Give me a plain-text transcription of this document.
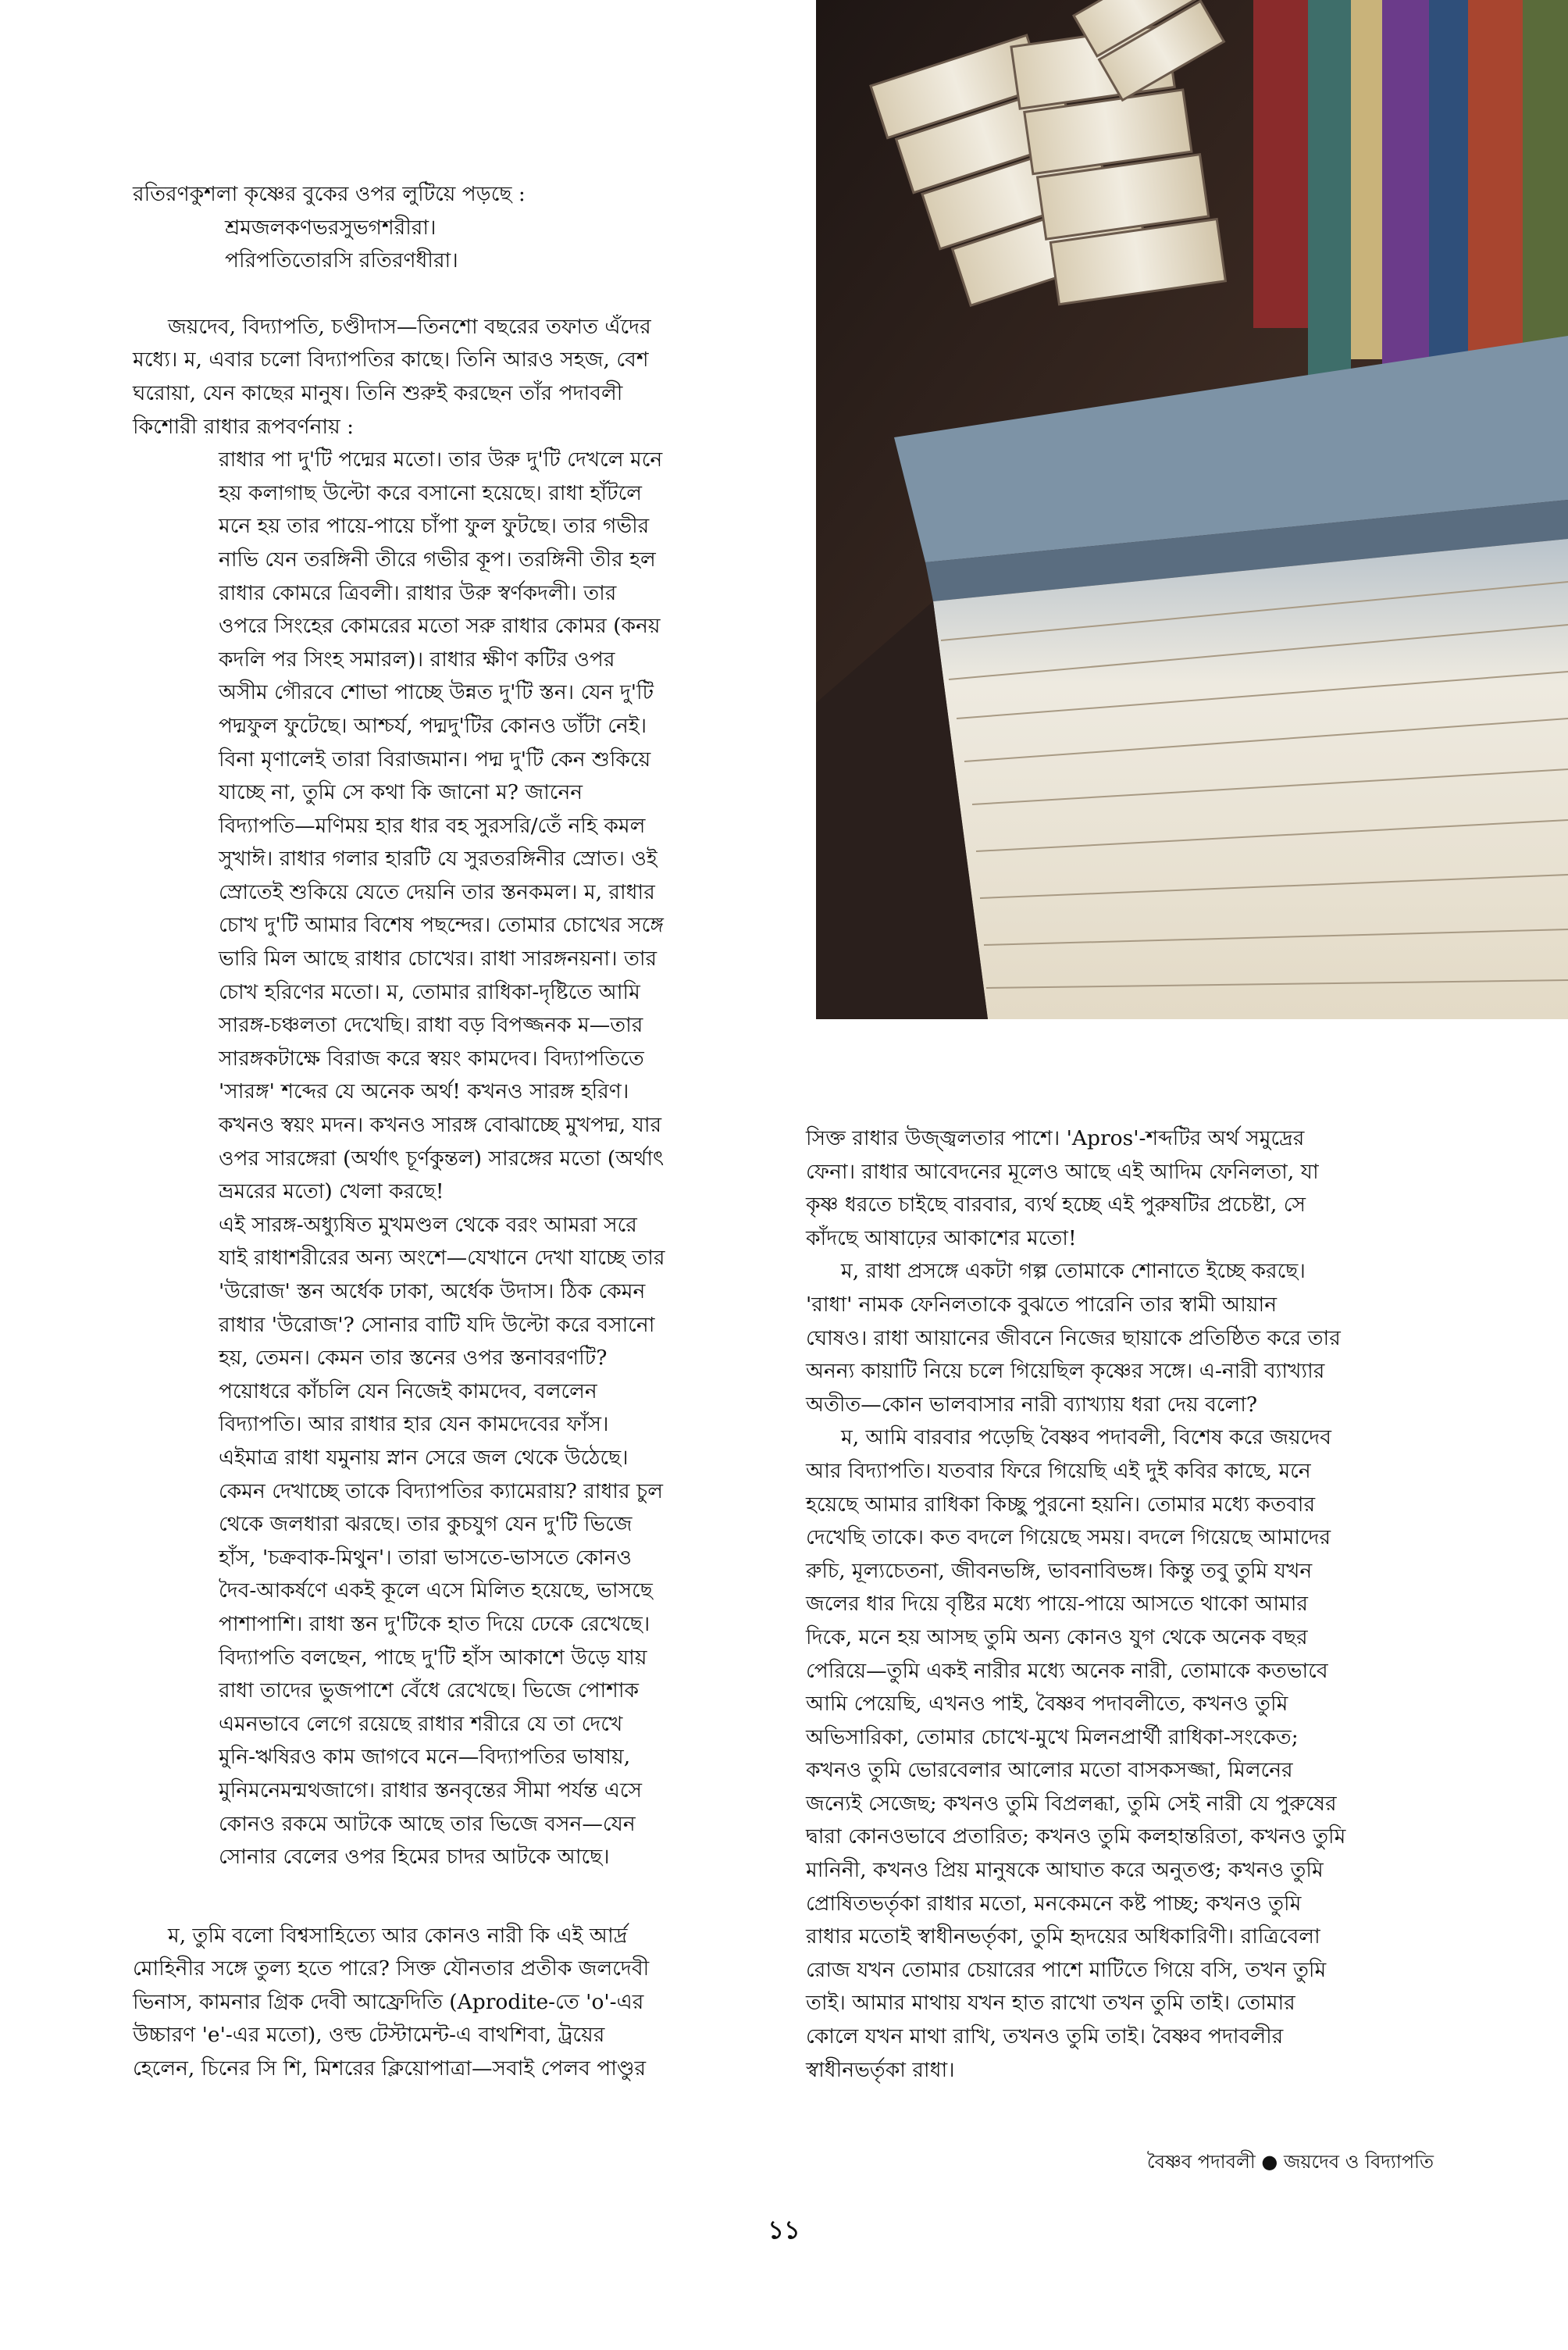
রতিরণকুশলা কৃষ্ণের বুকের ওপর লুটিয়ে পড়ছে :

শ্রমজলকণভরসুভগশরীরা।

পরিপতিতোরসি রতিরণধীরা।

জয়দেব, বিদ্যাপতি, চণ্ডীদাস—তিনশো বছরের তফাত এঁদের

মধ্যে। ম, এবার চলো বিদ্যাপতির কাছে। তিনি আরও সহজ, বেশ

ঘরোয়া, যেন কাছের মানুষ। তিনি শুরুই করছেন তাঁর পদাবলী

কিশোরী রাধার রূপবর্ণনায় :

রাধার পা দু'টি পদ্মের মতো। তার উরু দু'টি দেখলে মনে

হয় কলাগাছ উল্টো করে বসানো হয়েছে। রাধা হাঁটলে

মনে হয় তার পায়ে-পায়ে চাঁপা ফুল ফুটছে। তার গভীর

নাভি যেন তরঙ্গিনী তীরে গভীর কূপ। তরঙ্গিনী তীর হল

রাধার কোমরে ত্রিবলী। রাধার উরু স্বর্ণকদলী। তার

ওপরে সিংহের কোমরের মতো সরু রাধার কোমর (কনয়

কদলি পর সিংহ সমারল)। রাধার ক্ষীণ কটির ওপর

অসীম গৌরবে শোভা পাচ্ছে উন্নত দু'টি স্তন। যেন দু'টি

পদ্মফুল ফুটেছে। আশ্চর্য, পদ্মদু'টির কোনও ডাঁটা নেই।

বিনা মৃণালেই তারা বিরাজমান। পদ্ম দু'টি কেন শুকিয়ে

যাচ্ছে না, তুমি সে কথা কি জানো ম? জানেন

বিদ্যাপতি—মণিময় হার ধার বহ সুরসরি/তেঁ নহি কমল

সুখাঈ। রাধার গলার হারটি যে সুরতরঙ্গিনীর স্রোত। ওই

স্রোতেই শুকিয়ে যেতে দেয়নি তার স্তনকমল। ম, রাধার

চোখ দু'টি আমার বিশেষ পছন্দের। তোমার চোখের সঙ্গে

ভারি মিল আছে রাধার চোখের। রাধা সারঙ্গনয়না। তার

চোখ হরিণের মতো। ম, তোমার রাধিকা-দৃষ্টিতে আমি

সারঙ্গ-চঞ্চলতা দেখেছি। রাধা বড় বিপজ্জনক ম—তার

সারঙ্গকটাক্ষে বিরাজ করে স্বয়ং কামদেব। বিদ্যাপতিতে

'সারঙ্গ' শব্দের যে অনেক অর্থ! কখনও সারঙ্গ হরিণ।

কখনও স্বয়ং মদন। কখনও সারঙ্গ বোঝাচ্ছে মুখপদ্ম, যার

ওপর সারঙ্গেরা (অর্থাৎ চূর্ণকুন্তল) সারঙ্গের মতো (অর্থাৎ

ভ্রমরের মতো) খেলা করছে!

এই সারঙ্গ-অধ্যুষিত মুখমণ্ডল থেকে বরং আমরা সরে

যাই রাধাশরীরের অন্য অংশে—যেখানে দেখা যাচ্ছে তার

'উরোজ' স্তন অর্ধেক ঢাকা, অর্ধেক উদাস। ঠিক কেমন

রাধার 'উরোজ'? সোনার বাটি যদি উল্টো করে বসানো

হয়, তেমন। কেমন তার স্তনের ওপর স্তনাবরণটি?

পয়োধরে কাঁচলি যেন নিজেই কামদেব, বললেন

বিদ্যাপতি। আর রাধার হার যেন কামদেবের ফাঁস।

এইমাত্র রাধা যমুনায় স্নান সেরে জল থেকে উঠেছে।

কেমন দেখাচ্ছে তাকে বিদ্যাপতির ক্যামেরায়? রাধার চুল

থেকে জলধারা ঝরছে। তার কুচযুগ যেন দু'টি ভিজে

হাঁস, 'চক্রবাক-মিথুন'। তারা ভাসতে-ভাসতে কোনও

দৈব-আকর্ষণে একই কূলে এসে মিলিত হয়েছে, ভাসছে

পাশাপাশি। রাধা স্তন দু'টিকে হাত দিয়ে ঢেকে রেখেছে।

বিদ্যাপতি বলছেন, পাছে দু'টি হাঁস আকাশে উড়ে যায়

রাধা তাদের ভুজপাশে বেঁধে রেখেছে। ভিজে পোশাক

এমনভাবে লেগে রয়েছে রাধার শরীরে যে তা দেখে

মুনি-ঋষিরও কাম জাগবে মনে—বিদ্যাপতির ভাষায়,

মুনিমনেমন্মথজাগে। রাধার স্তনবৃন্তের সীমা পর্যন্ত এসে

কোনও রকমে আটকে আছে তার ভিজে বসন—যেন

সোনার বেলের ওপর হিমের চাদর আটকে আছে।

ম, তুমি বলো বিশ্বসাহিত্যে আর কোনও নারী কি এই আর্দ্র

মোহিনীর সঙ্গে তুল্য হতে পারে? সিক্ত যৌনতার প্রতীক জলদেবী

ভিনাস, কামনার গ্রিক দেবী আফ্রেদিতি (Aprodite-তে 'o'-এর

উচ্চারণ 'e'-এর মতো), ওল্ড টেস্টামেন্ট-এ বাথশিবা, ট্রয়ের

হেলেন, চিনের সি শি, মিশরের ক্লিয়োপাত্রা—সবাই পেলব পাণ্ডুর

সিক্ত রাধার উজ্জ্বলতার পাশে। 'Apros'-শব্দটির অর্থ সমুদ্রের

ফেনা। রাধার আবেদনের মূলেও আছে এই আদিম ফেনিলতা, যা

কৃষ্ণ ধরতে চাইছে বারবার, ব্যর্থ হচ্ছে এই পুরুষটির প্রচেষ্টা, সে

কাঁদছে আষাঢ়ের আকাশের মতো!

ম, রাধা প্রসঙ্গে একটা গল্প তোমাকে শোনাতে ইচ্ছে করছে।

'রাধা' নামক ফেনিলতাকে বুঝতে পারেনি তার স্বামী আয়ান

ঘোষও। রাধা আয়ানের জীবনে নিজের ছায়াকে প্রতিষ্ঠিত করে তার

অনন্য কায়াটি নিয়ে চলে গিয়েছিল কৃষ্ণের সঙ্গে। এ-নারী ব্যাখ্যার

অতীত—কোন ভালবাসার নারী ব্যাখ্যায় ধরা দেয় বলো?

ম, আমি বারবার পড়েছি বৈষ্ণব পদাবলী, বিশেষ করে জয়দেব

আর বিদ্যাপতি। যতবার ফিরে গিয়েছি এই দুই কবির কাছে, মনে

হয়েছে আমার রাধিকা কিচ্ছু পুরনো হয়নি। তোমার মধ্যে কতবার

দেখেছি তাকে। কত বদলে গিয়েছে সময়। বদলে গিয়েছে আমাদের

রুচি, মূল্যচেতনা, জীবনভঙ্গি, ভাবনাবিভঙ্গ। কিন্তু তবু তুমি যখন

জলের ধার দিয়ে বৃষ্টির মধ্যে পায়ে-পায়ে আসতে থাকো আমার

দিকে, মনে হয় আসছ তুমি অন্য কোনও যুগ থেকে অনেক বছর

পেরিয়ে—তুমি একই নারীর মধ্যে অনেক নারী, তোমাকে কতভাবে

আমি পেয়েছি, এখনও পাই, বৈষ্ণব পদাবলীতে, কখনও তুমি

অভিসারিকা, তোমার চোখে-মুখে মিলনপ্রার্থী রাধিকা-সংকেত;

কখনও তুমি ভোরবেলার আলোর মতো বাসকসজ্জা, মিলনের

জন্যেই সেজেছ; কখনও তুমি বিপ্রলব্ধা, তুমি সেই নারী যে পুরুষের

দ্বারা কোনওভাবে প্রতারিত; কখনও তুমি কলহান্তরিতা, কখনও তুমি

মানিনী, কখনও প্রিয় মানুষকে আঘাত করে অনুতপ্ত; কখনও তুমি

প্রোষিতভর্তৃকা রাধার মতো, মনকেমনে কষ্ট পাচ্ছ; কখনও তুমি

রাধার মতোই স্বাধীনভর্তৃকা, তুমি হৃদয়ের অধিকারিণী। রাত্রিবেলা

রোজ যখন তোমার চেয়ারের পাশে মাটিতে গিয়ে বসি, তখন তুমি

তাই। আমার মাথায় যখন হাত রাখো তখন তুমি তাই। তোমার

কোলে যখন মাথা রাখি, তখনও তুমি তাই। বৈষ্ণব পদাবলীর

স্বাধীনভর্তৃকা রাধা।

বৈষ্ণব পদাবলী ● জয়দেব ও বিদ্যাপতি
১১
